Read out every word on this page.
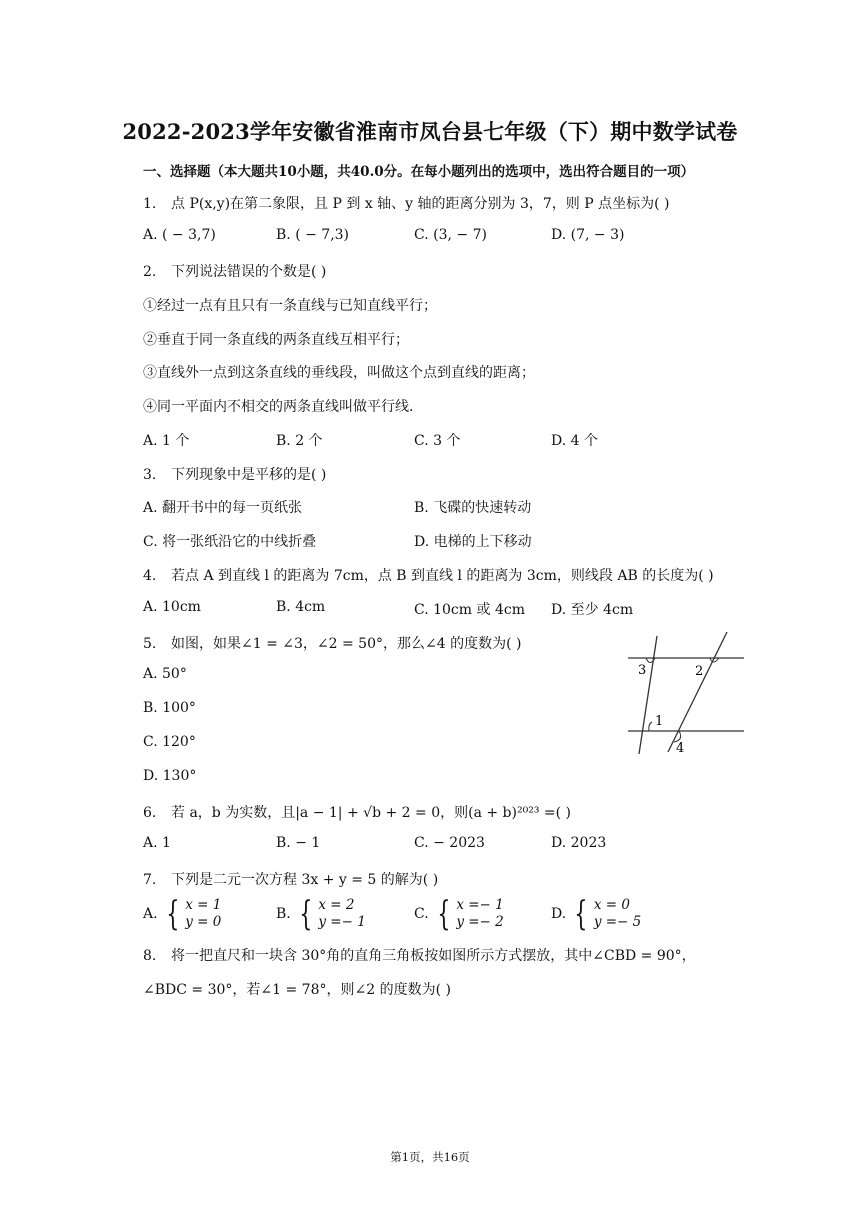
2022-2023学年安徽省淮南市凤台县七年级（下）期中数学试卷
一、选择题（本大题共10小题，共40.0分。在每小题列出的选项中，选出符合题目的一项）
1. 点 P(x,y)在第二象限，且 P 到 x 轴、y 轴的距离分别为 3，7，则 P 点坐标为( )
A. ( − 3,7)	B. ( − 7,3)	C. (3, − 7)	D. (7, − 3)
2. 下列说法错误的个数是( )
①经过一点有且只有一条直线与已知直线平行；
②垂直于同一条直线的两条直线互相平行；
③直线外一点到这条直线的垂线段，叫做这个点到直线的距离；
④同一平面内不相交的两条直线叫做平行线.
A. 1 个	B. 2 个	C. 3 个	D. 4 个
3. 下列现象中是平移的是( )
A. 翻开书中的每一页纸张	B. 飞碟的快速转动
C. 将一张纸沿它的中线折叠	D. 电梯的上下移动
4. 若点 A 到直线 l 的距离为 7cm，点 B 到直线 l 的距离为 3cm，则线段 AB 的长度为( )
A. 10cm	B. 4cm	C. 10cm 或 4cm D. 至少 4cm
5. 如图，如果∠1 = ∠3，∠2 = 50°，那么∠4 的度数为( )
A. 50°
B. 100°
C. 120°
D. 130°
3	2
1
4
6. 若 a，b 为实数，且|a − 1| + √b + 2 = 0，则(a + b)²⁰²³ =( )
A. 1	B. − 1	C. − 2023	D. 2023
7. 下列是二元一次方程 3x + y = 5 的解为( )
A. { x = 1
y = 0	B. { x = 2
y =− 1	C. { x =− 1
y =− 2	D. { x = 0
y =− 5
8. 将一把直尺和一块含 30°角的直角三角板按如图所示方式摆放，其中∠CBD = 90°，
∠BDC = 30°，若∠1 = 78°，则∠2 的度数为( )
第1页，共16页
